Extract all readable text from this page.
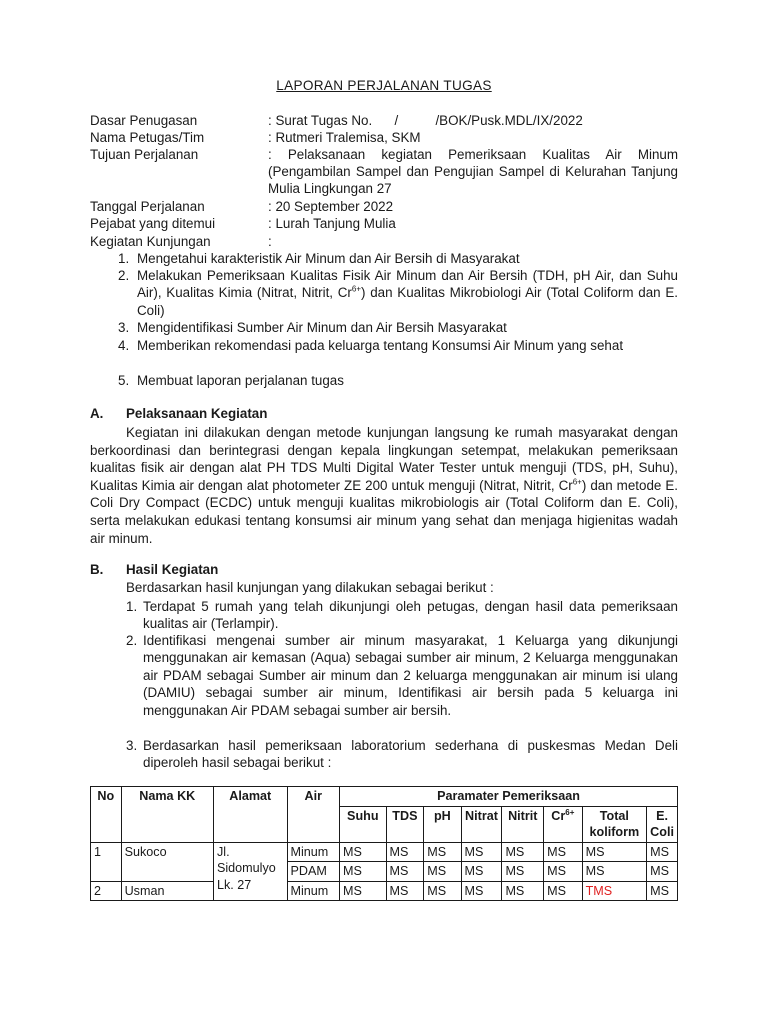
LAPORAN PERJALANAN TUGAS
Dasar Penugasan	: Surat Tugas No.      /          /BOK/Pusk.MDL/IX/2022
Nama Petugas/Tim	: Rutmeri Tralemisa, SKM
Tujuan Perjalanan	: Pelaksanaan kegiatan Pemeriksaan Kualitas Air Minum (Pengambilan Sampel dan Pengujian Sampel di Kelurahan Tanjung Mulia Lingkungan 27
Tanggal Perjalanan	: 20 September 2022
Pejabat yang ditemui	: Lurah Tanjung Mulia
Kegiatan Kunjungan	:
1. Mengetahui karakteristik Air Minum dan Air Bersih di Masyarakat
2. Melakukan Pemeriksaan Kualitas Fisik Air Minum dan Air Bersih (TDH, pH Air, dan Suhu Air), Kualitas Kimia (Nitrat, Nitrit, $Cr^{6+}$) dan Kualitas Mikrobiologi Air (Total Coliform dan E. Coli)
3. Mengidentifikasi Sumber Air Minum dan Air Bersih Masyarakat
4. Memberikan rekomendasi pada keluarga tentang Konsumsi Air Minum yang sehat
5. Membuat laporan perjalanan tugas
A. Pelaksanaan Kegiatan
Kegiatan ini dilakukan dengan metode kunjungan langsung ke rumah masyarakat dengan berkoordinasi dan berintegrasi dengan kepala lingkungan setempat, melakukan pemeriksaan kualitas fisik air dengan alat PH TDS Multi Digital Water Tester untuk menguji (TDS, pH, Suhu), Kualitas Kimia air dengan alat photometer ZE 200 untuk menguji (Nitrat, Nitrit, $Cr^{6+}$) dan metode E. Coli Dry Compact (ECDC) untuk menguji kualitas mikrobiologis air (Total Coliform dan E. Coli), serta melakukan edukasi tentang konsumsi air minum yang sehat dan menjaga higienitas wadah air minum.
B. Hasil Kegiatan
Berdasarkan hasil kunjungan yang dilakukan sebagai berikut :
1. Terdapat 5 rumah yang telah dikunjungi oleh petugas, dengan hasil data pemeriksaan kualitas air (Terlampir).
2. Identifikasi mengenai sumber air minum masyarakat, 1 Keluarga yang dikunjungi menggunakan air kemasan (Aqua) sebagai sumber air minum, 2 Keluarga menggunakan air PDAM sebagai Sumber air minum dan 2 keluarga menggunakan air minum isi ulang (DAMIU) sebagai sumber air minum, Identifikasi air bersih pada 5 keluarga ini menggunakan Air PDAM sebagai sumber air bersih.
3. Berdasarkan hasil pemeriksaan laboratorium sederhana di puskesmas Medan Deli diperoleh hasil sebagai berikut :
No	Nama KK	Alamat	Air	Paramater Pemeriksaan							
				Suhu	TDS	pH	Nitrat	Nitrit	$Cr^{6+}$	Total koliform	E. Coli
1	Sukoco	Jl. Sidomulyo Lk. 27	Minum	MS	MS	MS	MS	MS	MS	MS	MS
			PDAM	MS	MS	MS	MS	MS	MS	MS	MS
2	Usman		Minum	MS	MS	MS	MS	MS	MS	TMS	MS
